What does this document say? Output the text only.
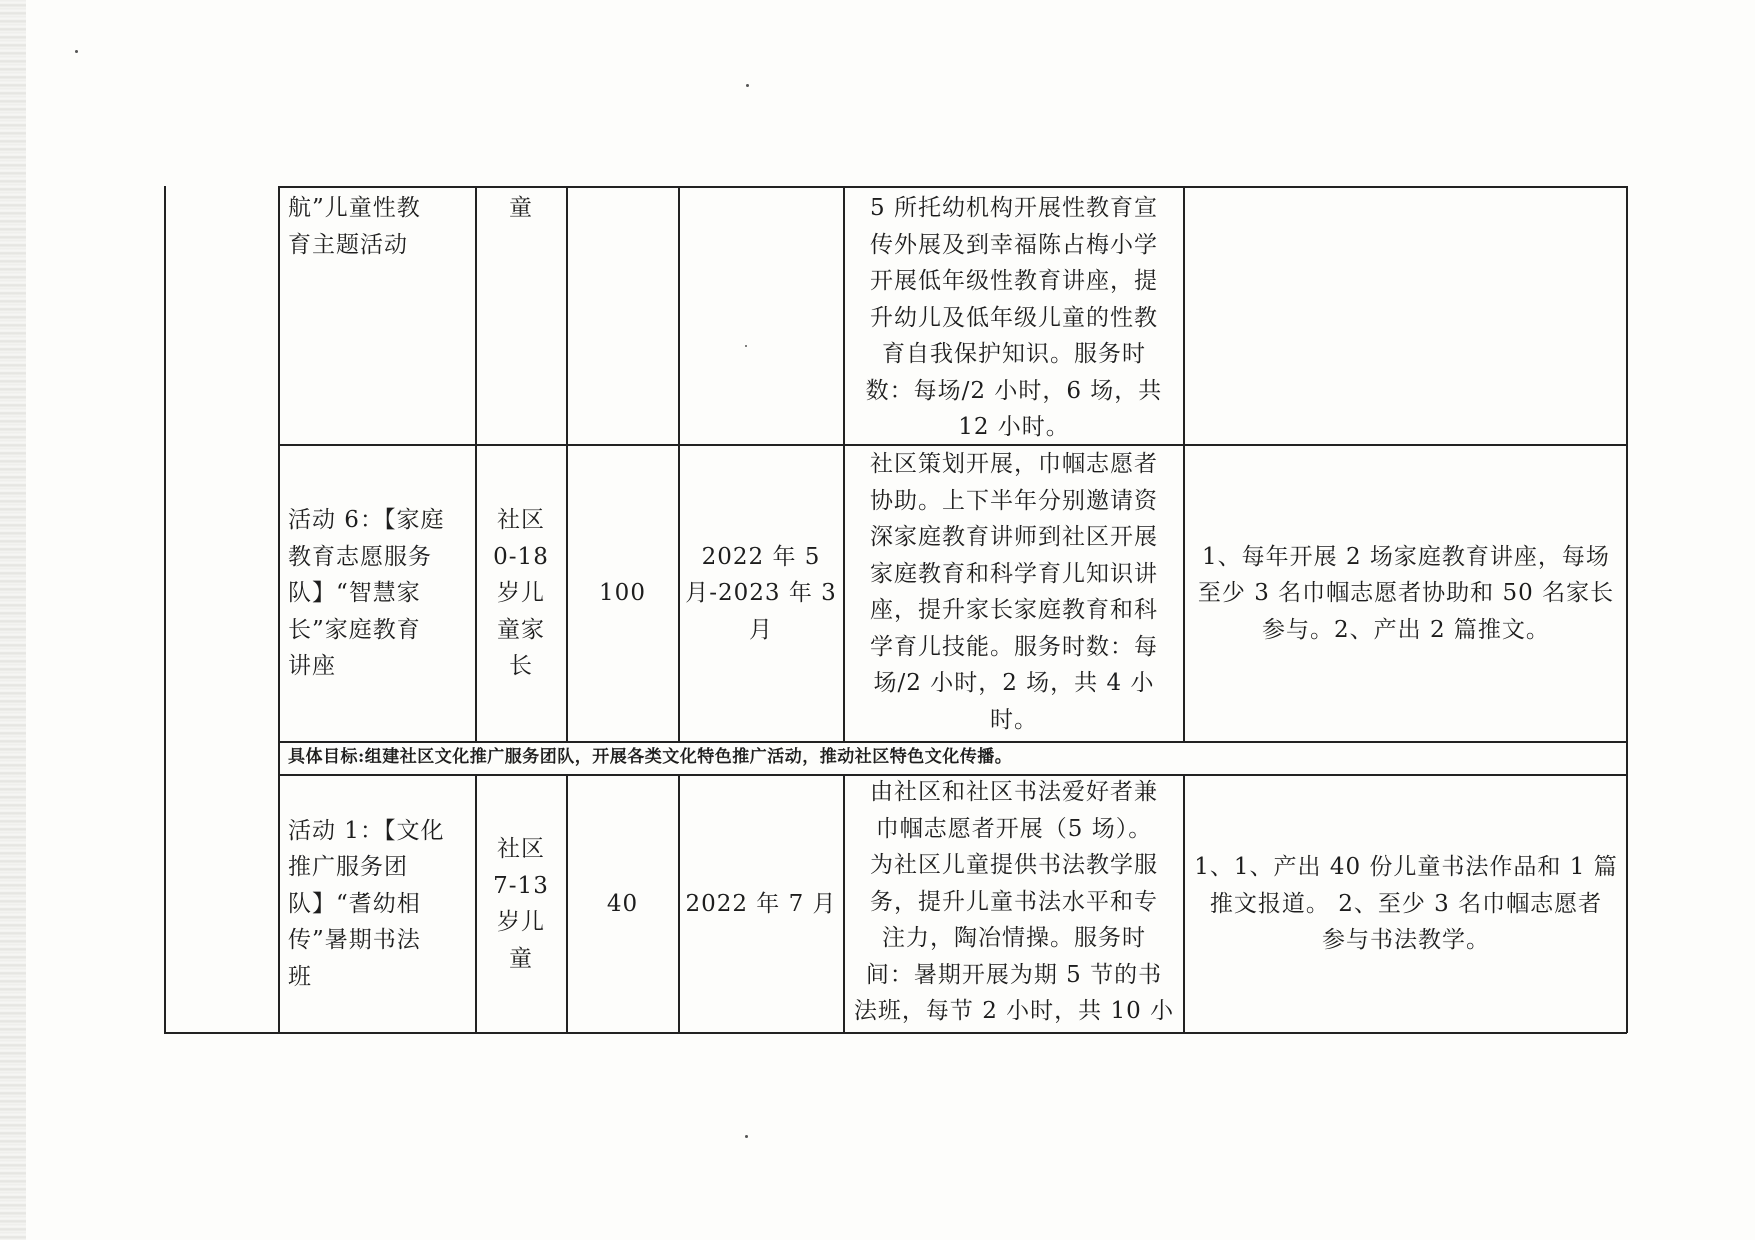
航”儿童性教
育主题活动
童	5 所托幼机构开展性教育宣
传外展及到幸福陈占梅小学
开展低年级性教育讲座，提
升幼儿及低年级儿童的性教
育自我保护知识。服务时
数：每场/2 小时，6 场，共
12 小时。
活动 6：【家庭
教育志愿服务
队】“智慧家
长”家庭教育
讲座
社区
0-18
岁儿
童家
长
100
2022 年 5
月-2023 年 3
月
社区策划开展，巾帼志愿者
协助。上下半年分别邀请资
深家庭教育讲师到社区开展
家庭教育和科学育儿知识讲
座，提升家长家庭教育和科
学育儿技能。服务时数：每
场/2 小时，2 场，共 4 小
时。
1、每年开展 2 场家庭教育讲座，每场
至少 3 名巾帼志愿者协助和 50 名家长
参与。2、产出 2 篇推文。
具体目标:组建社区文化推广服务团队，开展各类文化特色推广活动，推动社区特色文化传播。
活动 1：【文化
推广服务团
队】“耆幼相
传”暑期书法
班
社区
7-13
岁儿
童
40	2022 年 7 月
由社区和社区书法爱好者兼
巾帼志愿者开展（5 场）。
为社区儿童提供书法教学服
务，提升儿童书法水平和专
注力，陶冶情操。服务时
间：暑期开展为期 5 节的书
法班，每节 2 小时，共 10 小
1、1、产出 40 份儿童书法作品和 1 篇
推文报道。 2、至少 3 名巾帼志愿者
参与书法教学。
